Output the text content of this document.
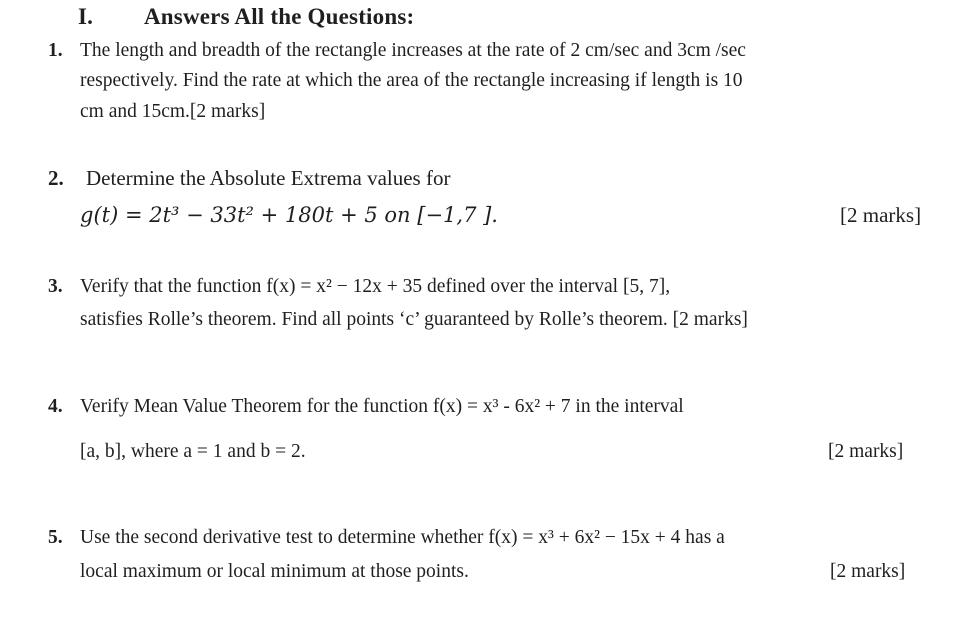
I. Answers All the Questions:
1. The length and breadth of the rectangle increases at the rate of 2 cm/sec and 3cm /sec
respectively. Find the rate at which the area of the rectangle increasing if length is 10
cm and 15cm.[2 marks]
2. Determine the Absolute Extrema values for
g(t) = 2t³ − 33t² + 180t + 5 on [−1,7 ].	[2 marks]
3. Verify that the function f(x) = x² − 12x + 35 defined over the interval [5, 7],
satisfies Rolle’s theorem. Find all points ‘c’ guaranteed by Rolle’s theorem. [2 marks]
4. Verify Mean Value Theorem for the function f(x) = x³ - 6x² + 7 in the interval
[a, b], where a = 1 and b = 2.	[2 marks]
5. Use the second derivative test to determine whether f(x) = x³ + 6x² − 15x + 4 has a
local maximum or local minimum at those points.	[2 marks]
